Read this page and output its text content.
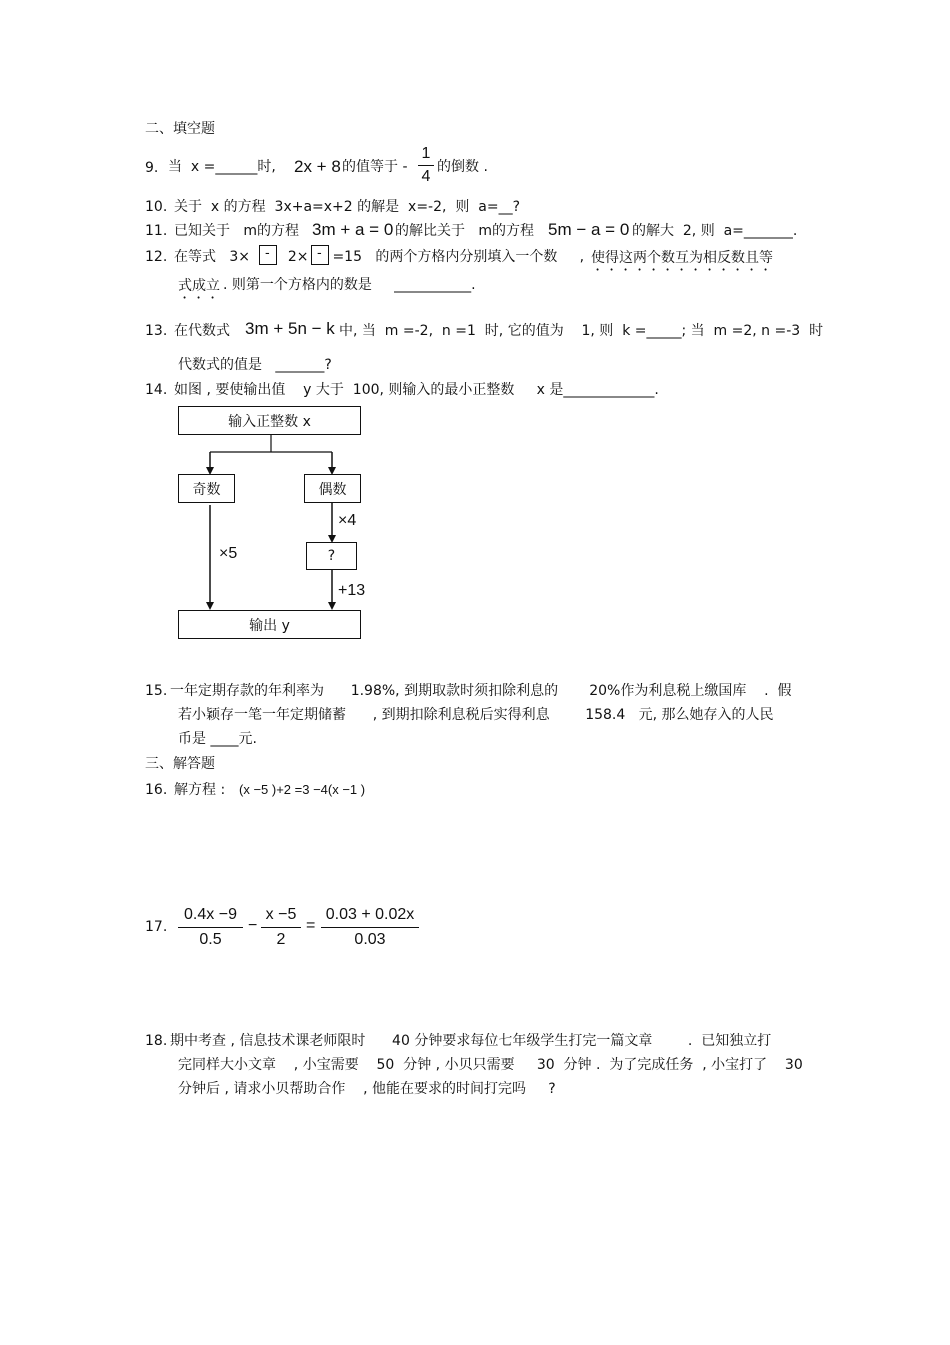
二、填空题
9. 当  x =______时, 2x + 8 的值等于 -
1
4
的倒数 .
10. 关于  x 的方程  3x+a=x+2 的解是  x=-2,  则  a=__?
11. 已知关于   m的方程 3m + a = 0 的解比关于   m的方程 5m − a = 0 的解大  2, 则  a=_______.
12. 在等式   3× - 2× - =15   的两个方格内分别填入一个数     , 使得这两个数互为相反数且等
式成立 . 则第一个方格内的数是     ___________.
13. 在代数式 3m + 5n − k 中, 当  m =-2,  n =1  时, 它的值为    1, 则  k =_____; 当  m =2, n =-3  时
代数式的值是   _______?
14. 如图 , 要使输出值    y 大于  100, 则输入的最小正整数     x 是_____________.
输入正整数 x
奇数	偶数
?
输出 y
×5
×4
+13
15. 一年定期存款的年利率为      1.98%, 到期取款时须扣除利息的       20%作为利息税上缴国库    .  假
若小颖存一笔一年定期储蓄      , 到期扣除利息税后实得利息        158.4   元, 那么她存入的人民
币是 ____元.
三、解答题
16. 解方程 : (x −5 )+2 =3 −4(x −1 )
17.
0.4x −9
0.5
−
x −5
2
=
0.03 + 0.02x
0.03
18. 期中考查 , 信息技术课老师限时      40 分钟要求每位七年级学生打完一篇文章        .  已知独立打
完同样大小文章    , 小宝需要    50  分钟 , 小贝只需要     30  分钟 .  为了完成任务  , 小宝打了    30
分钟后 , 请求小贝帮助合作    , 他能在要求的时间打完吗     ?
